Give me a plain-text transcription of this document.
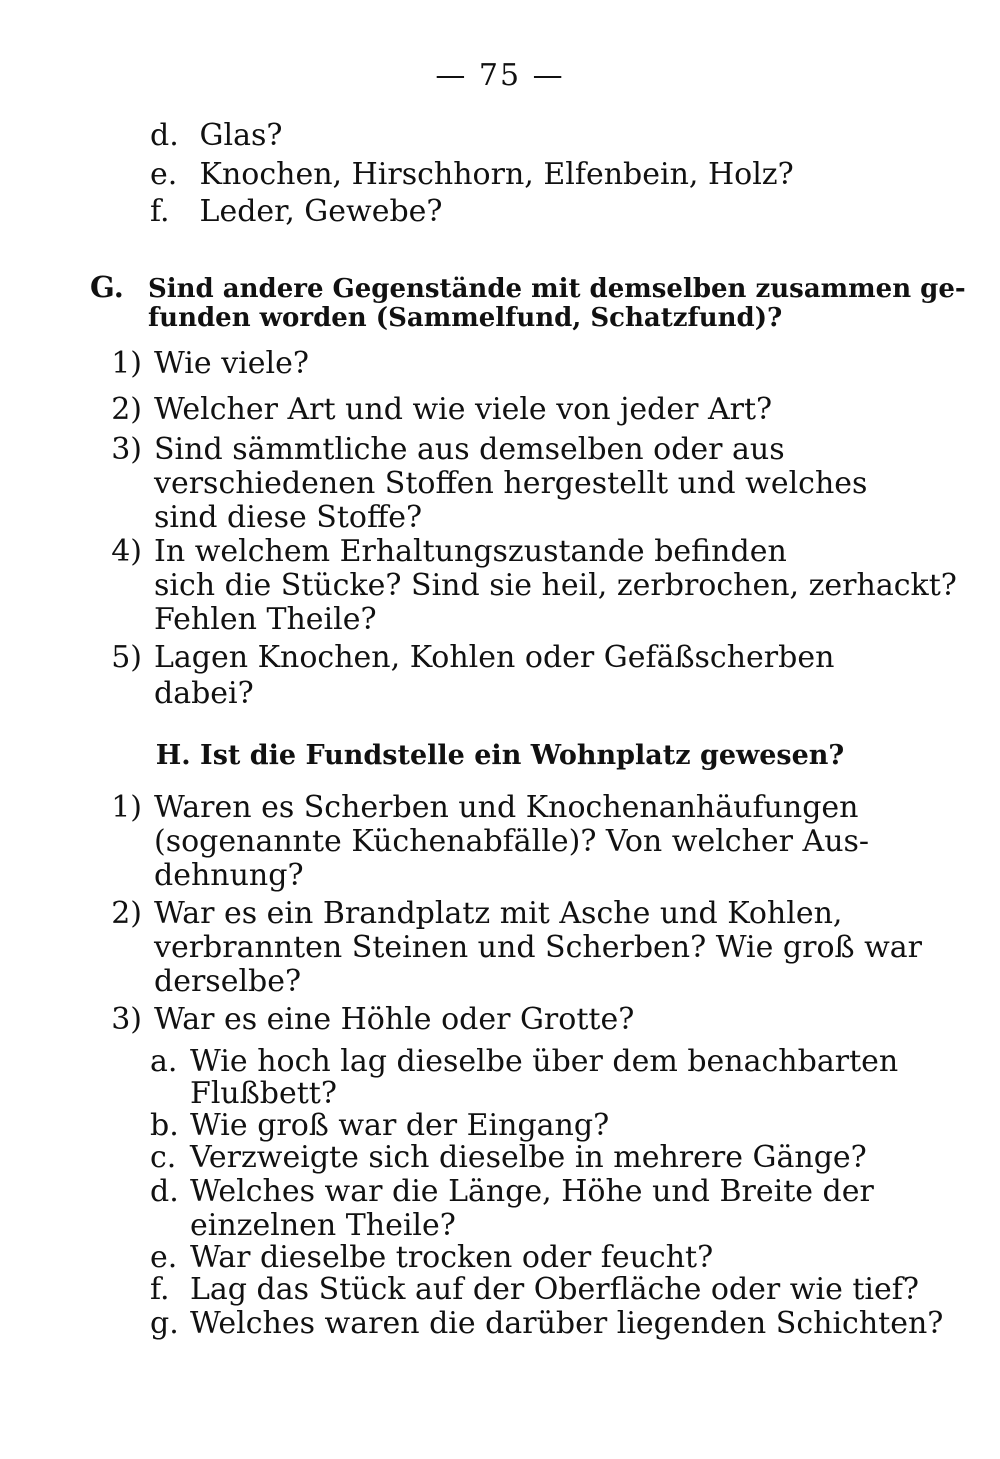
— 75 —
d. Glas?
e. Knochen, Hirschhorn, Elfenbein, Holz?
f. Leder, Gewebe?
G. Sind andere Gegenstände mit demselben zusammen ge-
funden worden (Sammelfund, Schatzfund)?
1) Wie viele?
2) Welcher Art und wie viele von jeder Art?
3) Sind sämmtliche aus demselben oder aus
verschiedenen Stoffen hergestellt und welches
sind diese Stoffe?
4) In welchem Erhaltungszustande befinden
sich die Stücke? Sind sie heil, zerbrochen, zerhackt?
Fehlen Theile?
5) Lagen Knochen, Kohlen oder Gefäßscherben
dabei?
H. Ist die Fundstelle ein Wohnplatz gewesen?
1) Waren es Scherben und Knochenanhäufungen
(sogenannte Küchenabfälle)? Von welcher Aus-
dehnung?
2) War es ein Brandplatz mit Asche und Kohlen,
verbrannten Steinen und Scherben? Wie groß war
derselbe?
3) War es eine Höhle oder Grotte?
a. Wie hoch lag dieselbe über dem benachbarten
Flußbett?
b. Wie groß war der Eingang?
c. Verzweigte sich dieselbe in mehrere Gänge?
d. Welches war die Länge, Höhe und Breite der
einzelnen Theile?
e. War dieselbe trocken oder feucht?
f. Lag das Stück auf der Oberfläche oder wie tief?
g. Welches waren die darüber liegenden Schichten?
